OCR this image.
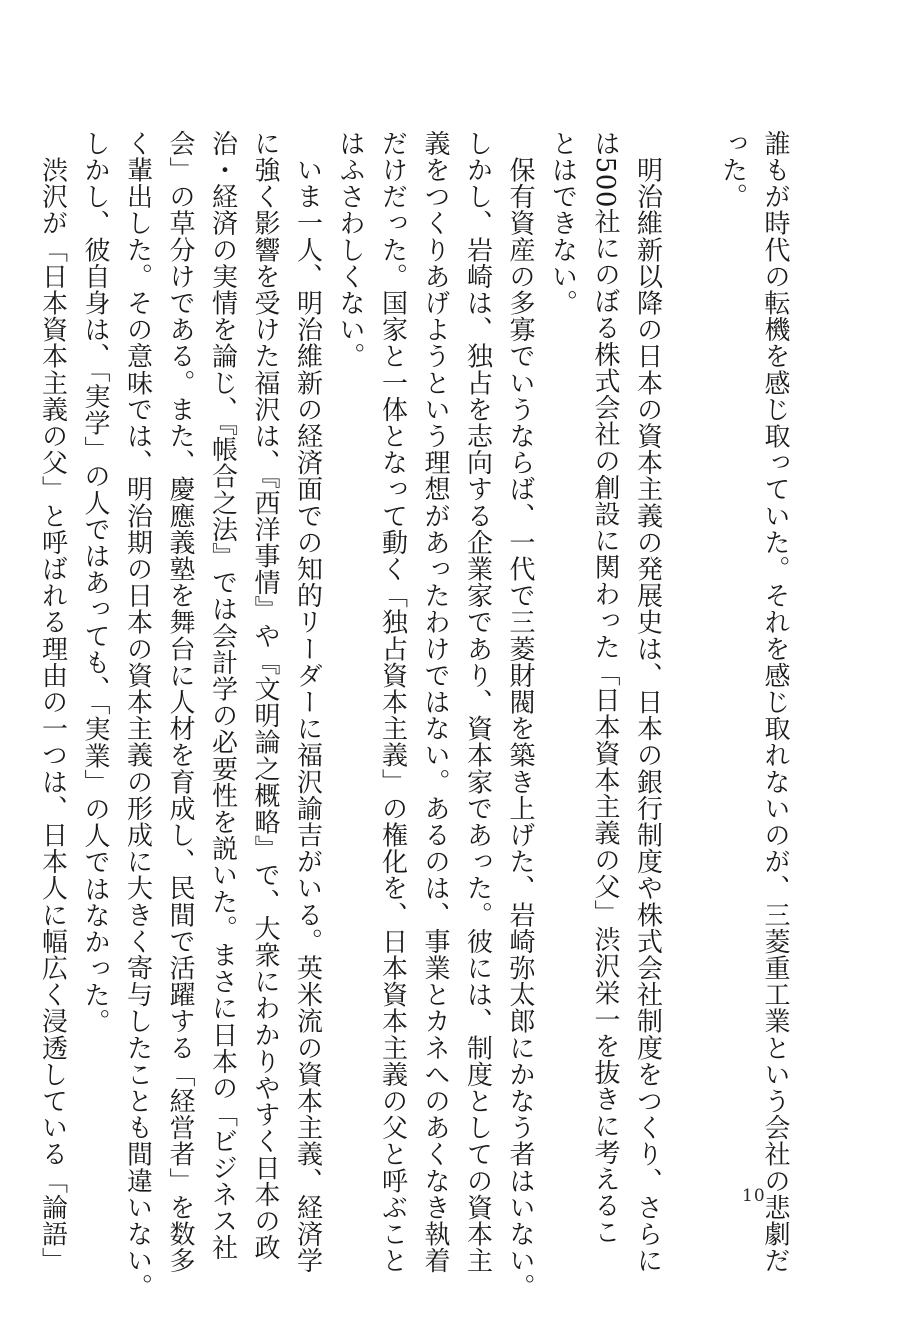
誰もが時代の転機を感じ取っていた。それを感じ取れないのが、三菱重工業という会社の悲劇だ
った。

　明治維新以降の日本の資本主義の発展史は、日本の銀行制度や株式会社制度をつくり、さらに
は500社にのぼる株式会社の創設に関わった「日本資本主義の父」渋沢栄一を抜きに考えるこ
とはできない。
　保有資産の多寡でいうならば、一代で三菱財閥を築き上げた、岩崎弥太郎にかなう者はいない。
しかし、岩崎は、独占を志向する企業家であり、資本家であった。彼には、制度としての資本主
義をつくりあげようという理想があったわけではない。あるのは、事業とカネへのあくなき執着
だけだった。国家と一体となって動く「独占資本主義」の権化を、日本資本主義の父と呼ぶこと
はふさわしくない。
　いま一人、明治維新の経済面での知的リーダーに福沢諭吉がいる。英米流の資本主義、経済学
に強く影響を受けた福沢は、『西洋事情』や『文明論之概略』で、大衆にわかりやすく日本の政
治・経済の実情を論じ、『帳合之法』では会計学の必要性を説いた。まさに日本の「ビジネス社
会」の草分けである。また、慶應義塾を舞台に人材を育成し、民間で活躍する「経営者」を数多
く輩出した。その意味では、明治期の日本の資本主義の形成に大きく寄与したことも間違いない。
しかし、彼自身は、「実学」の人ではあっても、「実業」の人ではなかった。
　渋沢が「日本資本主義の父」と呼ばれる理由の一つは、日本人に幅広く浸透している「論語」	10
